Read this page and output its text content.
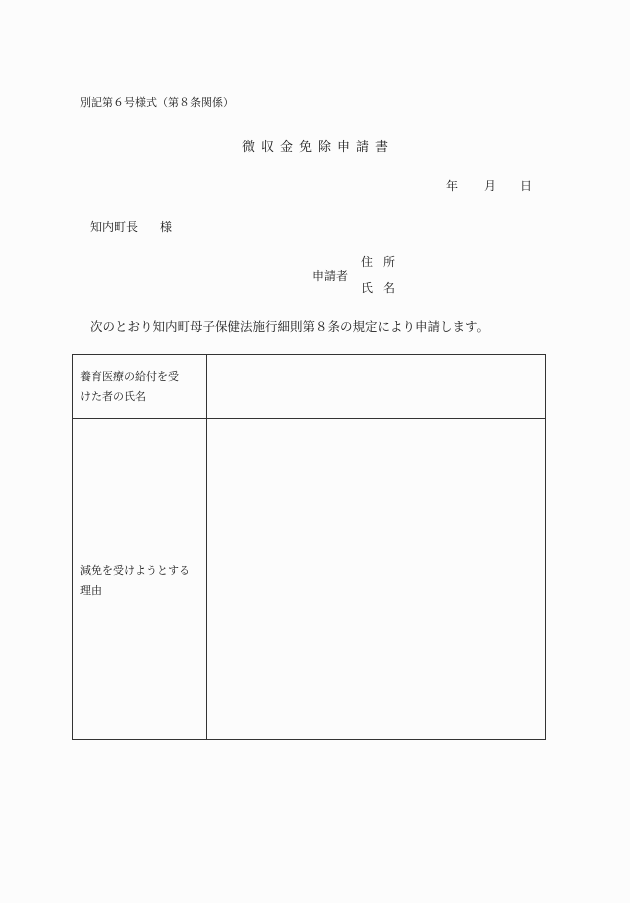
別記第６号様式（第８条関係）
微収金免除申請書
年 月 日
知内町長 様
申請者
住所
氏名
次のとおり知内町母子保健法施行細則第８条の規定により申請します。
養育医療の給付を受
けた者の氏名
減免を受けようとする
理由
